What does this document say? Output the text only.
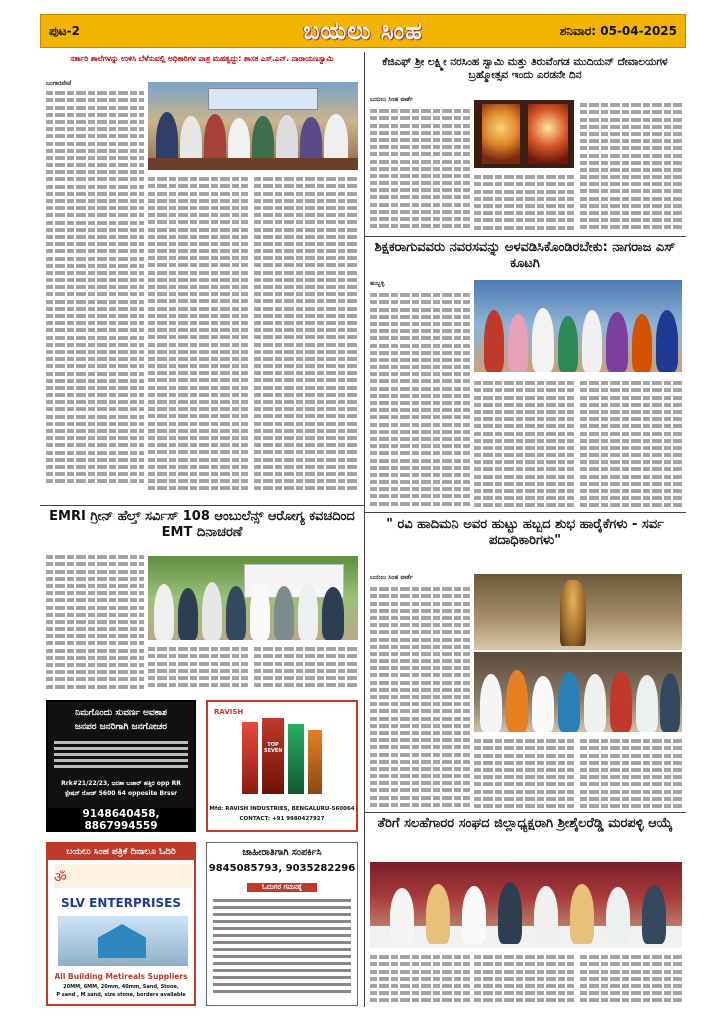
ಪುಟ-2	ಬಯಲು ಸಿಂಹ	ಶನಿವಾರ: 05-04-2025
ಸರ್ಕಾರಿ ಶಾಲೆಗಳನ್ನು ಉಳಿಸಿ ಬೆಳೆಸುವಲ್ಲಿ ಅಧಿಕಾರಿಗಳ ಪಾತ್ರ ಮಹತ್ವದ್ದು: ಶಾಸಕ ಎಸ್.ಎನ್. ನಾರಾಯಣಸ್ವಾಮಿ
ಬಂಗಾರಪೇಟೆ
ಕೆಜಿಎಫ್ ಶ್ರೀ ಲಕ್ಷ್ಮೀ ನರಸಿಂಹ ಸ್ವಾಮಿ ಮತ್ತು ತಿರುವೆಂಗಡ ಮುದಿಯನ್ ದೇವಾಲಯಗಳ ಬ್ರಹ್ಮೋತ್ಸವ ಇಂದು ಎರಡನೇ ದಿನ
ಬಯಲು ಸಿಂಹ ವಾರ್ತೆ
ಶಿಕ್ಷಕರಾಗುವವರು ನವರಸವನ್ನು ಅಳವಡಿಸಿಕೊಂಡಿರಬೇಕು: ನಾಗರಾಜ ಎಸ್ ಕೂಟಗಿ
ಹುಬ್ಬಳ್ಳಿ
EMRI ಗ್ರೀನ್ ಹೆಲ್ತ್ ಸರ್ವಿಸ್ 108 ಆಂಬುಲೆನ್ಸ್ ಆರೋಗ್ಯ ಕವಚದಿಂದ EMT ದಿನಾಚರಣೆ
" ರವಿ ಹಾದಿಮನಿ ಅವರ ಹುಟ್ಟು ಹಬ್ಬದ ಶುಭ ಹಾರೈಕೆಗಳು - ಸರ್ವ ಪದಾಧಿಕಾರಿಗಳು"
ಬಯಲು ಸಿಂಹ ವಾರ್ತೆ
ತೆರಿಗೆ ಸಲಹೆಗಾರರ ಸಂಘದ ಜಿಲ್ಲಾಧ್ಯಕ್ಷರಾಗಿ ಶ್ರೀಶೈಲರೆಡ್ಡಿ ಮರಪಳ್ಳಿ ಆಯ್ಕೆ
ನಿಮಗೊಂದು ಸುವರ್ಣ ಅವಕಾಶ
ಜನಪರ ಜನರಿಗಾಗಿ ಜನಗೋಚರ
Rrk#21/22/23, ಜನತಾ ಬಜಾರ್ ಹತ್ತಿರ opp RR
ಸ್ಟೇಷನ್ ರೋಡ್ 5600 64 opposite Brssr
9148640458, 8867994559
RAVISH
TOP SEVEN
Mfd: RAVISH INDUSTRIES, BENGALURU-560064
CONTACT: +91 9980427927
ಬಯಲು ಸಿಂಹ ಪತ್ರಿಕೆ ದಿನಾಲೂ ಓದಿರಿ
ॐ
SLV ENTERPRISES
All Building Metireals Suppliers
20MM, 6MM, 20mm, 40mm, Sand, Stone,
P sand , M sand, size stone, borders available
ಜಾಹೀರಾತಿಗಾಗಿ ಸಂಪರ್ಕಿಸಿ
9845085793, 9035282296
ಓದುಗರ ಗಮನಕ್ಕೆ
